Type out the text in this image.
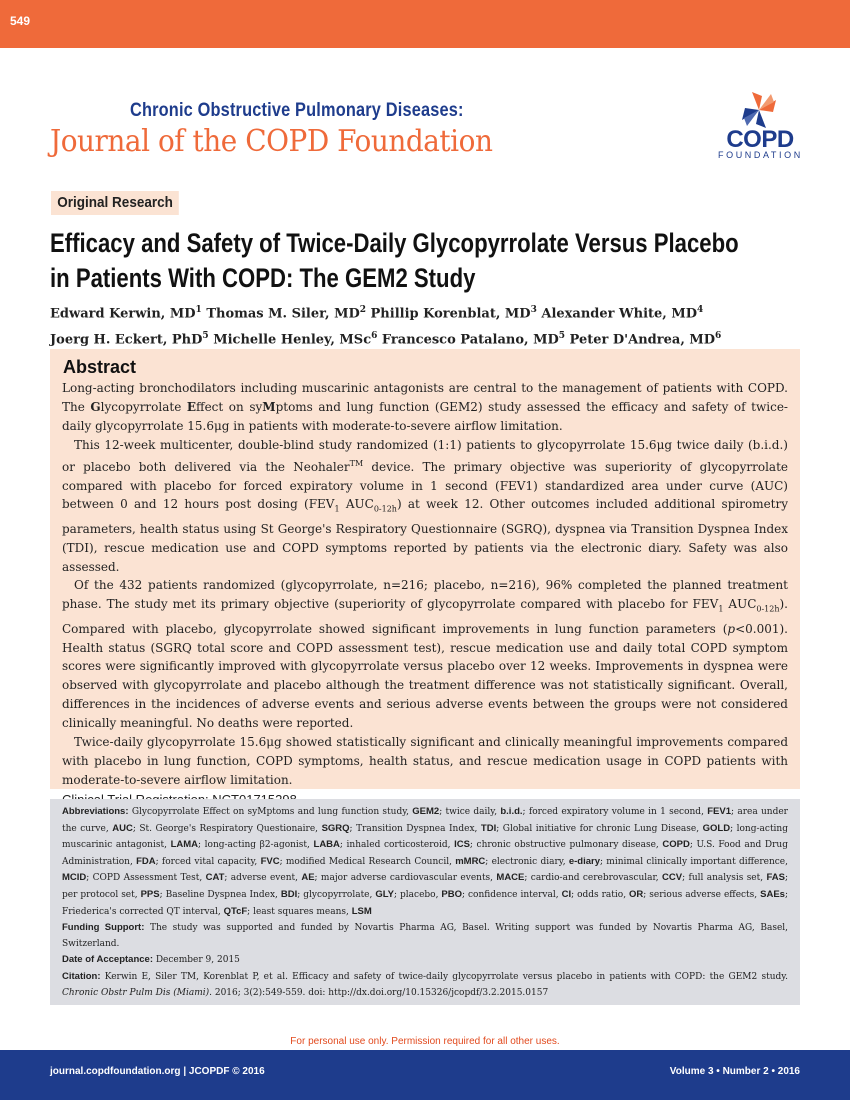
549
Chronic Obstructive Pulmonary Diseases:
Journal of the COPD Foundation	COPD
FOUNDATION
Original Research
Efficacy and Safety of Twice-Daily Glycopyrrolate Versus Placebo
in Patients With COPD: The GEM2 Study
Edward Kerwin, $MD^1$ Thomas M. Siler, $MD^2$ Phillip Korenblat, $MD^3$ Alexander White, $MD^4$
Joerg H. Eckert, PhD$^5$ Michelle Henley, MSc$^6$ Francesco Patalano, $MD^5$ Peter D'Andrea, $MD^6$
Abstract

Long-acting bronchodilators including muscarinic antagonists are central to the management of patients with COPD. The Glycopyrrolate Effect on syMptoms and lung function (GEM2) study assessed the efficacy and safety of twice-daily glycopyrrolate 15.6μg in patients with moderate-to-severe airflow limitation.

This 12-week multicenter, double-blind study randomized (1:1) patients to glycopyrrolate 15.6μg twice daily (b.i.d.) or placebo both delivered via the Neohaler™ device. The primary objective was superiority of glycopyrrolate compared with placebo for forced expiratory volume in 1 second (FEV1) standardized area under curve (AUC) between 0 and 12 hours post dosing ($FEV_1$ $AUC_{0-12h}$) at week 12. Other outcomes included additional spirometry parameters, health status using St George's Respiratory Questionnaire (SGRQ), dyspnea via Transition Dyspnea Index (TDI), rescue medication use and COPD symptoms reported by patients via the electronic diary. Safety was also assessed.

Of the 432 patients randomized (glycopyrrolate, n=216; placebo, n=216), 96% completed the planned treatment phase. The study met its primary objective (superiority of glycopyrrolate compared with placebo for $FEV_1$ $AUC_{0-12h}$). Compared with placebo, glycopyrrolate showed significant improvements in lung function parameters (p<0.001). Health status (SGRQ total score and COPD assessment test), rescue medication use and daily total COPD symptom scores were significantly improved with glycopyrrolate versus placebo over 12 weeks. Improvements in dyspnea were observed with glycopyrrolate and placebo although the treatment difference was not statistically significant. Overall, differences in the incidences of adverse events and serious adverse events between the groups were not considered clinically meaningful. No deaths were reported.

Twice-daily glycopyrrolate 15.6μg showed statistically significant and clinically meaningful improvements compared with placebo in lung function, COPD symptoms, health status, and rescue medication usage in COPD patients with moderate-to-severe airflow limitation.

Abbreviations: Glycopyrrolate Effect on syMptoms and lung function study, GEM2; twice daily, b.i.d.; forced expiratory volume in 1 second, FEV1; area under the curve, AUC; St. George's Respiratory Questionaire, SGRQ; Transition Dyspnea Index, TDI; Global initiative for chronic Lung Disease, GOLD; long-acting muscarinic antagonist, LAMA; long-acting β2-agonist, LABA; inhaled corticosteroid, ICS; chronic obstructive pulmonary disease, COPD; U.S. Food and Drug Administration, FDA; forced vital capacity, FVC; modified Medical Research Council, mMRC; electronic diary, e-diary; minimal clinically important difference, MCID; COPD Assessment Test, CAT; adverse event, AE; major adverse cardiovascular events, MACE; cardio-and cerebrovascular, CCV; full analysis set, FAS; per protocol set, PPS; Baseline Dyspnea Index, BDI; glycopyrrolate, GLY; placebo, PBO; confidence interval, CI; odds ratio, OR; serious adverse effects, SAEs; Friederica's corrected QT interval, QTcF; least squares means, LSM

Funding Support: The study was supported and funded by Novartis Pharma AG, Basel. Writing support was funded by Novartis Pharma AG, Basel, Switzerland.

Date of Acceptance: December 9, 2015

Citation: Kerwin E, Siler TM, Korenblat P, et al. Efficacy and safety of twice-daily glycopyrrolate versus placebo in patients with COPD: the GEM2 study. Chronic Obstr Pulm Dis (Miami). 2016; 3(2):549-559. doi: http://dx.doi.org/10.15326/jcopdf/3.2.2015.0157

For personal use only. Permission required for all other uses.
journal.copdfoundation.org | JCOPDF © 2016	Volume 3 • Number 2 • 2016
